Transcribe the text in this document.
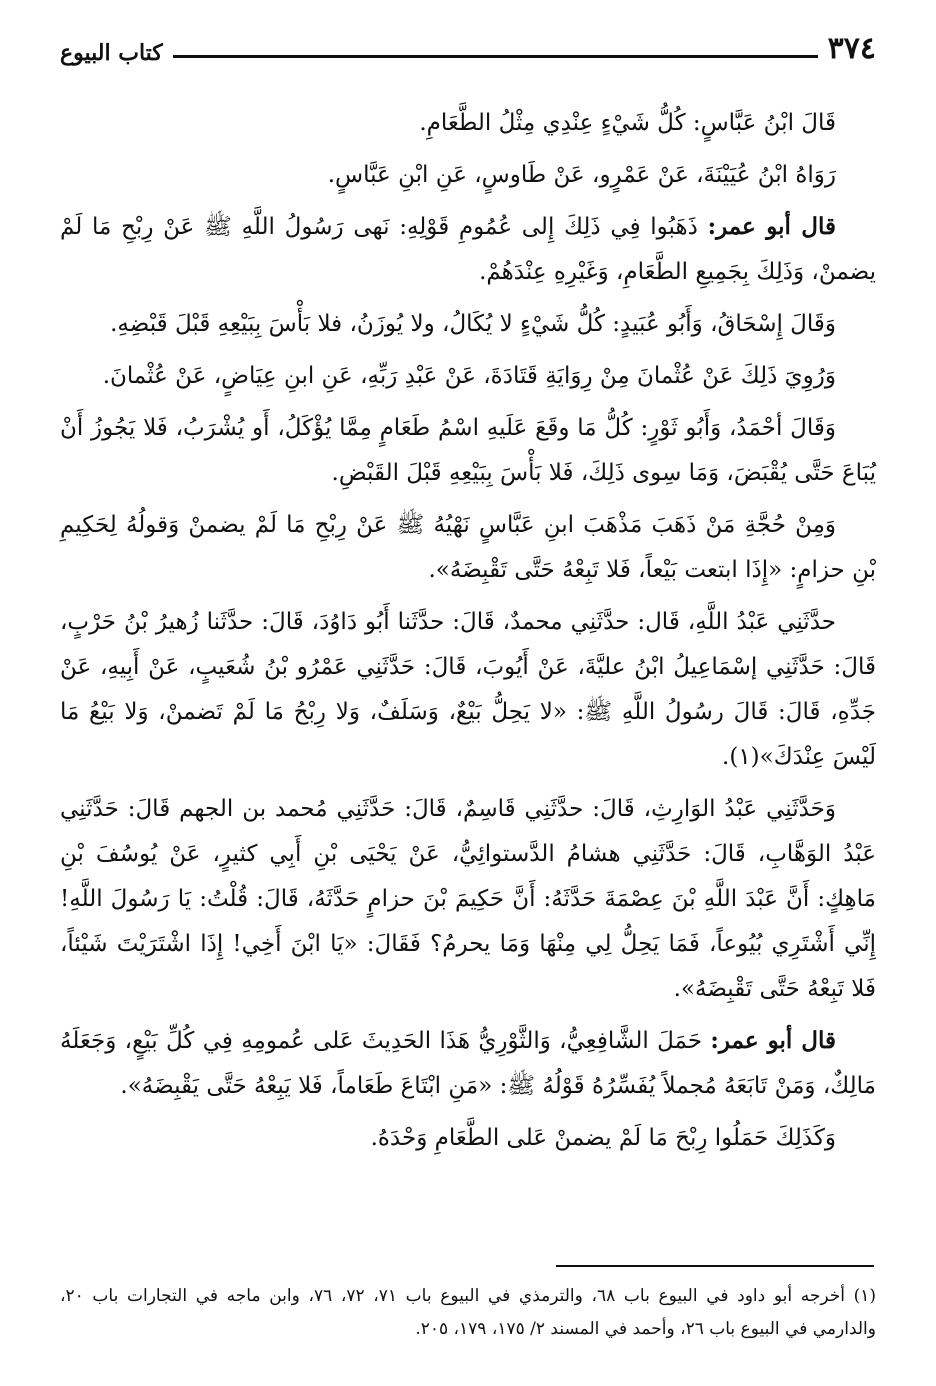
٣٧٤
كتاب البيوع

قَالَ ابْنُ عَبَّاسٍ: كُلُّ شَيْءٍ عِنْدِي مِثْلُ الطَّعَامِ.

رَوَاهُ ابْنُ عُيَيْنَةَ، عَنْ عَمْرٍو، عَنْ طَاوسٍ، عَنِ ابْنِ عَبَّاسٍ.

قال أبو عمر: ذَهَبُوا فِي ذَلِكَ إِلى عُمُومِ قَوْلِهِ: نَهى رَسُولُ اللَّهِ ﷺ عَنْ رِبْحِ مَا لَمْ يضمنْ، وَذَلِكَ بِجَمِيعِ الطَّعَامِ، وَغَيْرِهِ عِنْدَهُمْ.

وَقَالَ إِسْحَاقُ، وَأَبُو عُبَيدٍ: كُلُّ شَيْءٍ لا يُكَالُ، ولا يُوزَنُ، فلا بَأْسَ بِبَيْعِهِ قَبْلَ قَبْضِهِ.

وَرُوِيَ ذَلِكَ عَنْ عُثْمانَ مِنْ رِوَايَةِ قَتَادَةَ، عَنْ عَبْدِ رَبِّهِ، عَنِ ابنِ عِيَاضٍ، عَنْ عُثْمانَ.

وَقَالَ أحْمَدُ، وَأَبُو ثَوْرٍ: كُلُّ مَا وقَعَ عَلَيهِ اسْمُ طَعَامٍ مِمَّا يُؤْكَلُ، أَو يُشْرَبُ، فَلا يَجُوزُ أَنْ يُبَاعَ حَتَّى يُقْبَضَ، وَمَا سِوى ذَلِكَ، فَلا بَأْسَ بِبَيْعِهِ قَبْلَ القَبْضِ.

وَمِنْ حُجَّةِ مَنْ ذَهَبَ مَذْهَبَ ابنِ عَبَّاسٍ نَهْيُهُ ﷺ عَنْ رِبْحِ مَا لَمْ يضمنْ وَقولُهُ لِحَكِيمِ بْنِ حزامٍ: «إِذَا ابتعت بَيْعاً، فَلا تَبِعْهُ حَتَّى تَقْبِضَهُ».

حدَّثَنِي عَبْدُ اللَّهِ، قَال: حدَّثَنِي محمدٌ، قَالَ: حدَّثَنا أَبُو دَاوُدَ، قَالَ: حدَّثَنا زُهيرُ بْنُ حَرْبٍ، قَالَ: حَدَّثَنِي إسْمَاعِيلُ ابْنُ عليَّةَ، عَنْ أَيُوبَ، قَالَ: حَدَّثَنِي عَمْرُو بْنُ شُعَيبٍ، عَنْ أَبِيهِ، عَنْ جَدِّهِ، قَالَ: قَالَ رسُولُ اللَّهِ ﷺ: «لا يَحِلُّ بَيْعٌ، وَسَلَفٌ، وَلا رِبْحُ مَا لَمْ تَضمنْ، وَلا بَيْعُ مَا لَيْسَ عِنْدَكَ»(١).

وَحَدَّثَنِي عَبْدُ الوَارِثِ، قَالَ: حدَّثَنِي قَاسِمٌ، قَالَ: حَدَّثَنِي مُحمد بن الجهم قَالَ: حَدَّثَنِي عَبْدُ الوَهَّابِ، قَالَ: حَدَّثَنِي هشامُ الدَّستوائِيُّ، عَنْ يَحْيَى بْنِ أَبِي كثيرٍ، عَنْ يُوسُفَ بْنِ مَاهِكٍ: أَنَّ عَبْدَ اللَّهِ بْنَ عِصْمَةَ حَدَّثَهُ: أَنَّ حَكِيمَ بْنَ حزامٍ حَدَّثَهُ، قَالَ: قُلْتُ: يَا رَسُولَ اللَّهِ! إِنِّي أَشْتَرِي بُيُوعاً، فَمَا يَحِلُّ لِي مِنْهَا وَمَا يحرمُ؟ فَقَالَ: «يَا ابْنَ أَخِي! إِذَا اشْتَرَيْتَ شَيْئاً، فَلا تَبِعْهُ حَتَّى تَقْبِضَهُ».

قال أبو عمر: حَمَلَ الشَّافِعِيُّ، وَالثَّوْرِيُّ هَذَا الحَدِيثَ عَلى عُمومِهِ فِي كُلِّ بَيْعٍ، وَجَعَلَهُ مَالِكٌ، وَمَنْ تَابَعَهُ مُجملاً يُفَسِّرُهُ قَوْلُهُ ﷺ: «مَنِ ابْتَاعَ طَعَاماً، فَلا يَبِعْهُ حَتَّى يَقْبِضَهُ».

وَكَذَلِكَ حَمَلُوا رِبْحَ مَا لَمْ يضمنْ عَلى الطَّعَامِ وَحْدَهُ.

(١) أخرجه أبو داود في البيوع باب ٦٨، والترمذي في البيوع باب ٧١، ٧٢، ٧٦، وابن ماجه في التجارات باب ٢٠، والدارمي في البيوع باب ٢٦، وأحمد في المسند ٢/ ١٧٥، ١٧٩، ٢٠٥.
